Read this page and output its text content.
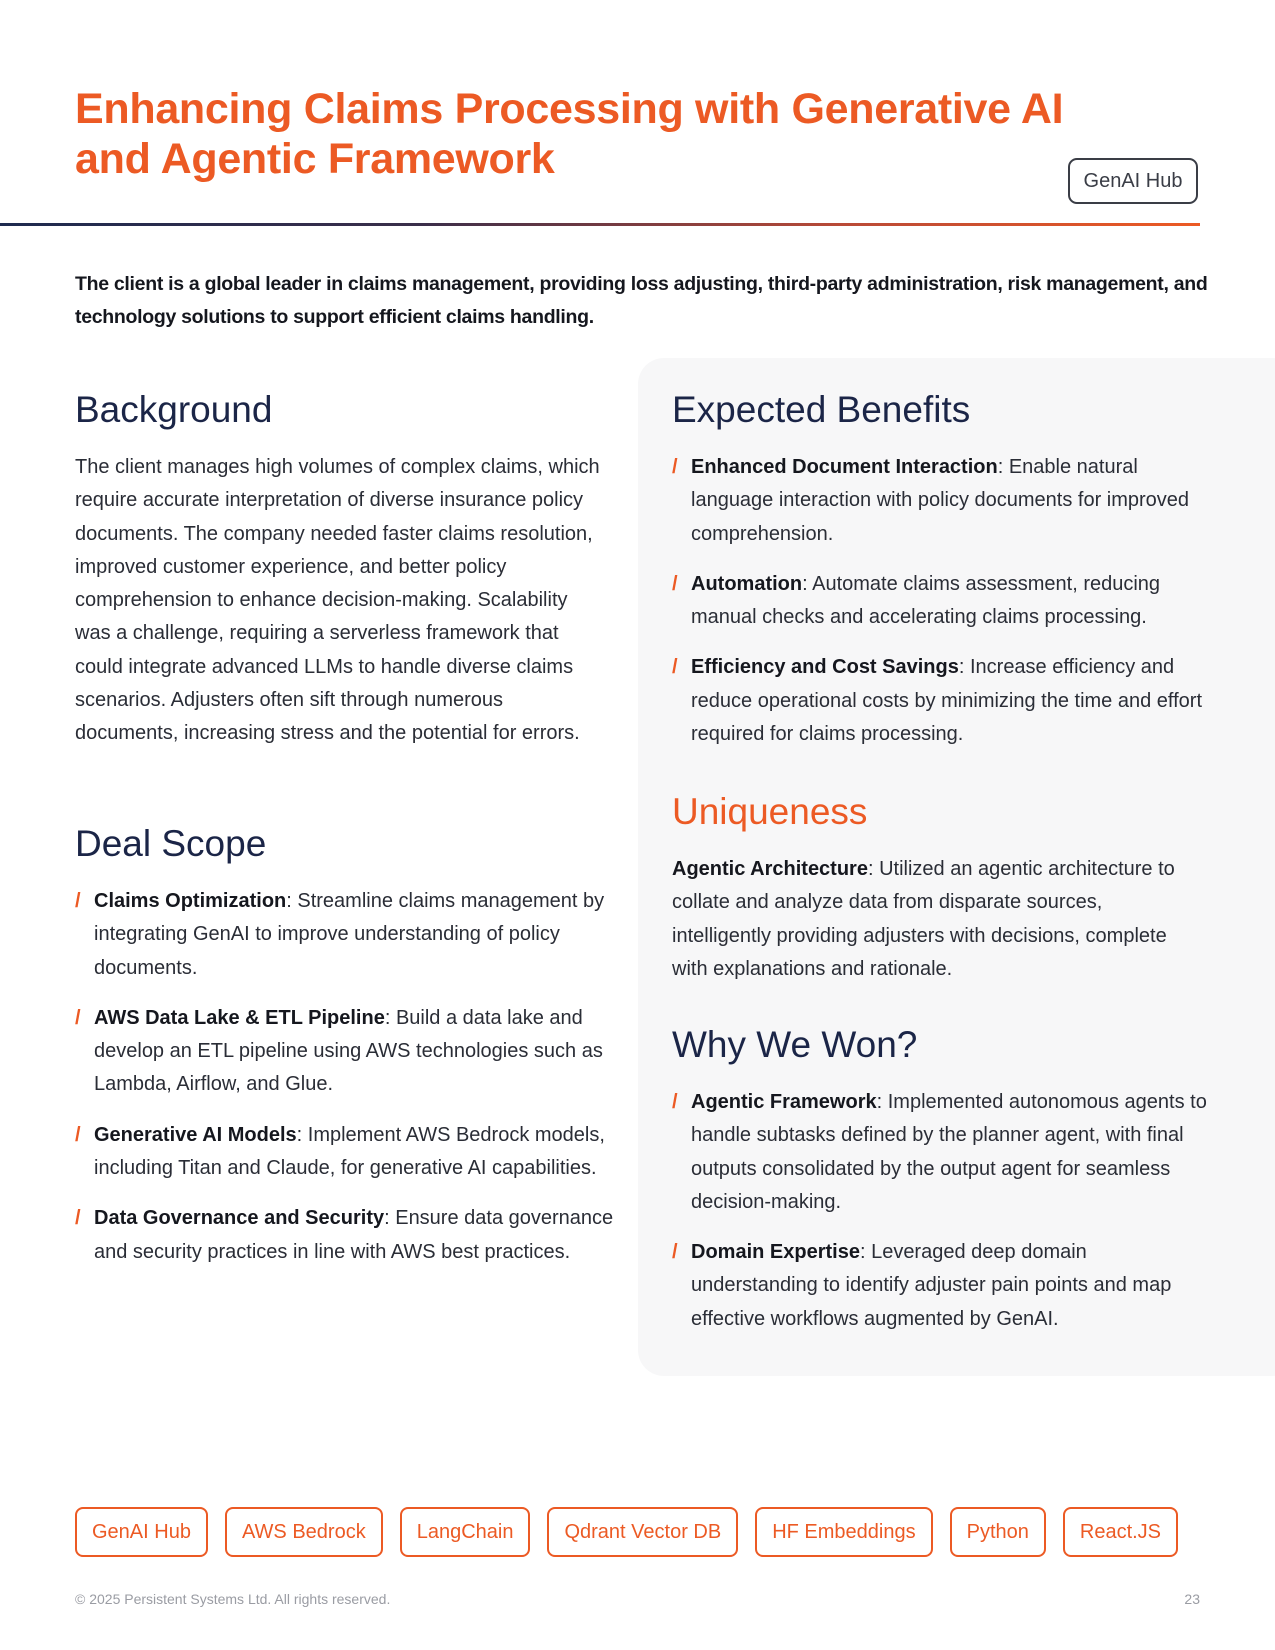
Enhancing Claims Processing with Generative AI and Agentic Framework	GenAI Hub
The client is a global leader in claims management, providing loss adjusting, third-party administration, risk management, and technology solutions to support efficient claims handling.
Background
The client manages high volumes of complex claims, which require accurate interpretation of diverse insurance policy documents. The company needed faster claims resolution, improved customer experience, and better policy comprehension to enhance decision-making. Scalability was a challenge, requiring a serverless framework that could integrate advanced LLMs to handle diverse claims scenarios. Adjusters often sift through numerous documents, increasing stress and the potential for errors.
Deal Scope
/ Claims Optimization: Streamline claims management by integrating GenAI to improve understanding of policy documents.
/ AWS Data Lake & ETL Pipeline: Build a data lake and develop an ETL pipeline using AWS technologies such as Lambda, Airflow, and Glue.
/ Generative AI Models: Implement AWS Bedrock models, including Titan and Claude, for generative AI capabilities.
/ Data Governance and Security: Ensure data governance and security practices in line with AWS best practices.
Expected Benefits
/ Enhanced Document Interaction: Enable natural language interaction with policy documents for improved comprehension.
/ Automation: Automate claims assessment, reducing manual checks and accelerating claims processing.
/ Efficiency and Cost Savings: Increase efficiency and reduce operational costs by minimizing the time and effort required for claims processing.
Uniqueness
Agentic Architecture: Utilized an agentic architecture to collate and analyze data from disparate sources, intelligently providing adjusters with decisions, complete with explanations and rationale.
Why We Won?
/ Agentic Framework: Implemented autonomous agents to handle subtasks defined by the planner agent, with final outputs consolidated by the output agent for seamless decision-making.
/ Domain Expertise: Leveraged deep domain understanding to identify adjuster pain points and map effective workflows augmented by GenAI.
GenAI Hub	AWS Bedrock	LangChain	Qdrant Vector DB	HF Embeddings	Python	React.JS
© 2025 Persistent Systems Ltd. All rights reserved.	23
